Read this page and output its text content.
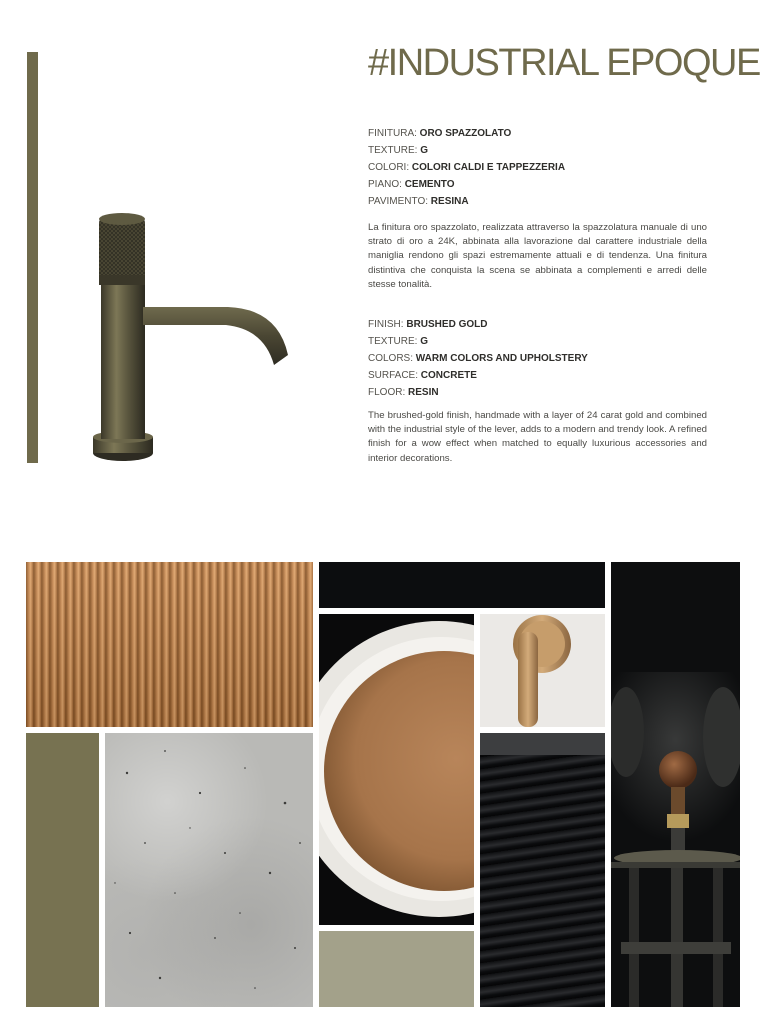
#INDUSTRIAL EPOQUE
FINITURA: ORO SPAZZOLATO
TEXTURE: G
COLORI: COLORI CALDI E TAPPEZZERIA
PIANO: CEMENTO
PAVIMENTO: RESINA

La finitura oro spazzolato, realizzata attraverso la spazzolatura manuale di uno strato di oro a 24K, abbinata alla lavorazione dal carattere industriale della maniglia rendono gli spazi estremamente attuali e di tendenza. Una finitura distintiva che conquista la scena se abbinata a complementi e arredi delle stesse tonalità.

FINISH: BRUSHED GOLD
TEXTURE: G
COLORS: WARM COLORS AND UPHOLSTERY
SURFACE: CONCRETE
FLOOR: RESIN

The brushed-gold finish, handmade with a layer of 24 carat gold and combined with the industrial style of the lever, adds to a modern and trendy look. A refined finish for a wow effect when matched to equally luxurious accessories and interior decorations.
